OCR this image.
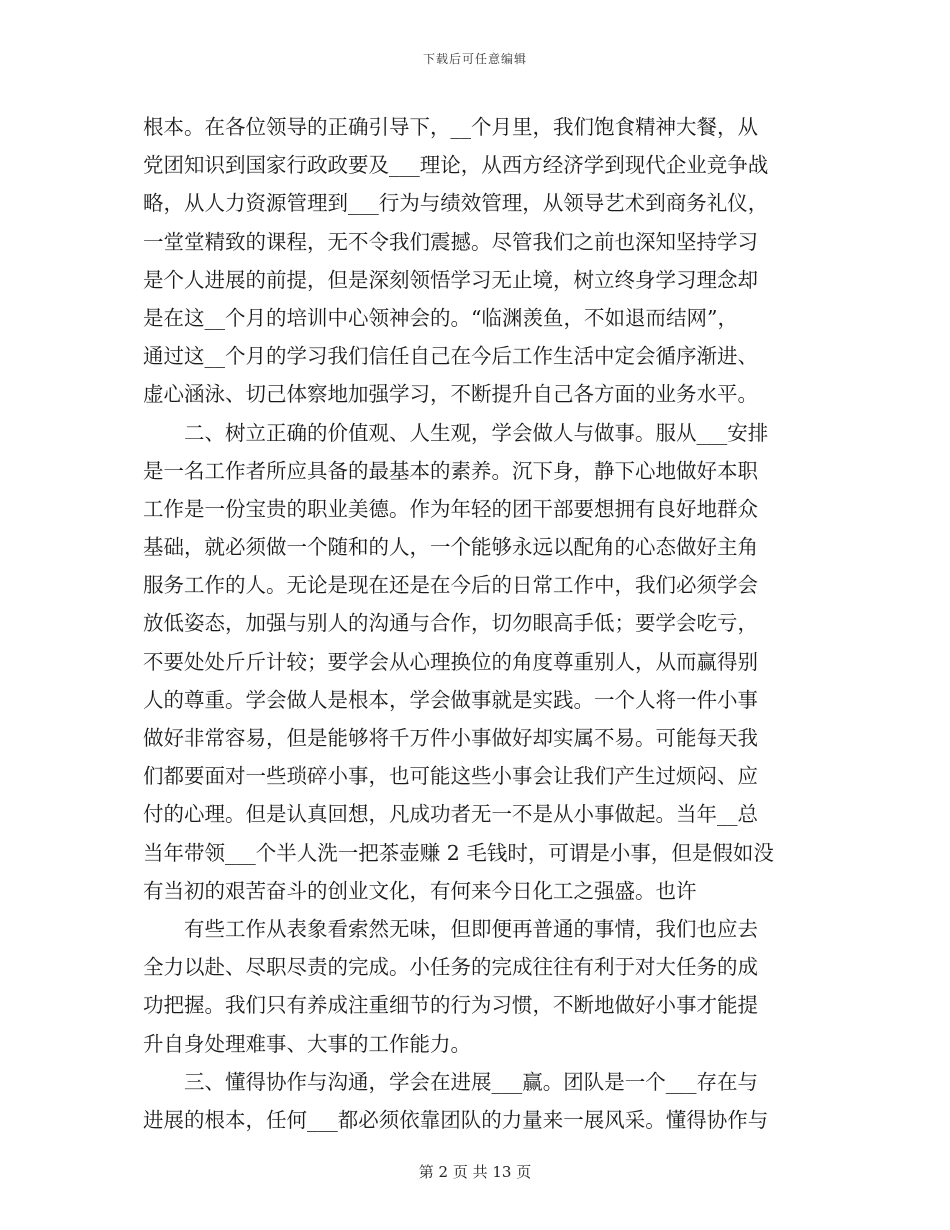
下载后可任意编辑
根本。在各位领导的正确引导下，__个月里，我们饱食精神大餐，从
党团知识到国家行政政要及___理论，从西方经济学到现代企业竞争战
略，从人力资源管理到___行为与绩效管理，从领导艺术到商务礼仪，
一堂堂精致的课程，无不令我们震撼。尽管我们之前也深知坚持学习
是个人进展的前提，但是深刻领悟学习无止境，树立终身学习理念却
是在这__个月的培训中心领神会的。“临渊羡鱼，不如退而结网”，
通过这__个月的学习我们信任自己在今后工作生活中定会循序渐进、
虚心涵泳、切己体察地加强学习，不断提升自己各方面的业务水平。
　　二、树立正确的价值观、人生观，学会做人与做事。服从___安排
是一名工作者所应具备的最基本的素养。沉下身，静下心地做好本职
工作是一份宝贵的职业美德。作为年轻的团干部要想拥有良好地群众
基础，就必须做一个随和的人，一个能够永远以配角的心态做好主角
服务工作的人。无论是现在还是在今后的日常工作中，我们必须学会
放低姿态，加强与别人的沟通与合作，切勿眼高手低；要学会吃亏，
不要处处斤斤计较；要学会从心理换位的角度尊重别人，从而赢得别
人的尊重。学会做人是根本，学会做事就是实践。一个人将一件小事
做好非常容易，但是能够将千万件小事做好却实属不易。可能每天我
们都要面对一些琐碎小事，也可能这些小事会让我们产生过烦闷、应
付的心理。但是认真回想，凡成功者无一不是从小事做起。当年__总
当年带领___个半人洗一把茶壶赚 2 毛钱时，可谓是小事，但是假如没
有当初的艰苦奋斗的创业文化，有何来今日化工之强盛。也许
　　有些工作从表象看索然无味，但即便再普通的事情，我们也应去
全力以赴、尽职尽责的完成。小任务的完成往往有利于对大任务的成
功把握。我们只有养成注重细节的行为习惯，不断地做好小事才能提
升自身处理难事、大事的工作能力。
　　三、懂得协作与沟通，学会在进展___赢。团队是一个___存在与
进展的根本，任何___都必须依靠团队的力量来一展风采。懂得协作与
第 2 页 共 13 页
